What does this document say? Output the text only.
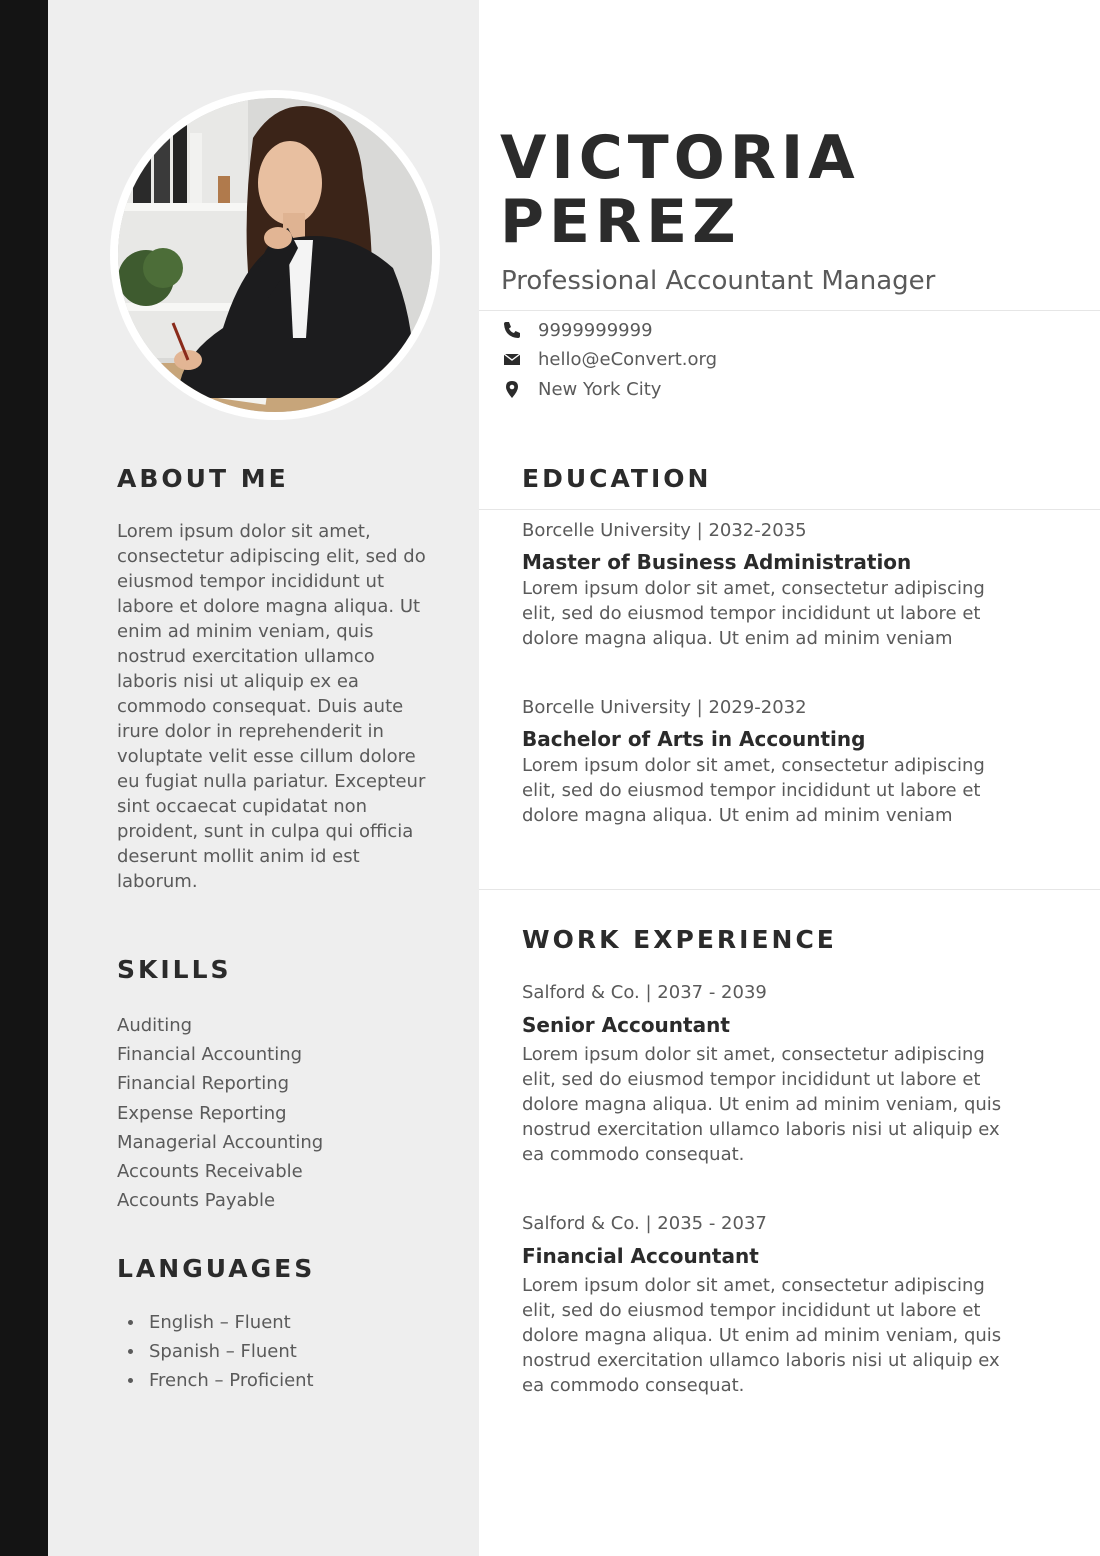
VICTORIA
PEREZ

Professional Accountant Manager

9999999999
hello@eConvert.org
New York City
ABOUT ME

Lorem ipsum dolor sit amet, consectetur adipiscing elit, sed do eiusmod tempor incididunt ut labore et dolore magna aliqua. Ut enim ad minim veniam, quis nostrud exercitation ullamco laboris nisi ut aliquip ex ea commodo consequat. Duis aute irure dolor in reprehenderit in voluptate velit esse cillum dolore eu fugiat nulla pariatur. Excepteur sint occaecat cupidatat non proident, sunt in culpa qui officia deserunt mollit anim id est laborum.

SKILLS
Auditing
Financial Accounting
Financial Reporting
Expense Reporting
Managerial Accounting
Accounts Receivable
Accounts Payable
LANGUAGES
English – Fluent
Spanish – Fluent
French – Proficient
EDUCATION

Borcelle University | 2032-2035

Master of Business Administration

Lorem ipsum dolor sit amet, consectetur adipiscing elit, sed do eiusmod tempor incididunt ut labore et dolore magna aliqua. Ut enim ad minim veniam

Borcelle University | 2029-2032

Bachelor of Arts in Accounting

Lorem ipsum dolor sit amet, consectetur adipiscing elit, sed do eiusmod tempor incididunt ut labore et dolore magna aliqua. Ut enim ad minim veniam

WORK EXPERIENCE

Salford & Co. | 2037 - 2039

Senior Accountant

Lorem ipsum dolor sit amet, consectetur adipiscing elit, sed do eiusmod tempor incididunt ut labore et dolore magna aliqua. Ut enim ad minim veniam, quis nostrud exercitation ullamco laboris nisi ut aliquip ex ea commodo consequat.

Salford & Co. | 2035 - 2037

Financial Accountant

Lorem ipsum dolor sit amet, consectetur adipiscing elit, sed do eiusmod tempor incididunt ut labore et dolore magna aliqua. Ut enim ad minim veniam, quis nostrud exercitation ullamco laboris nisi ut aliquip ex ea commodo consequat.
